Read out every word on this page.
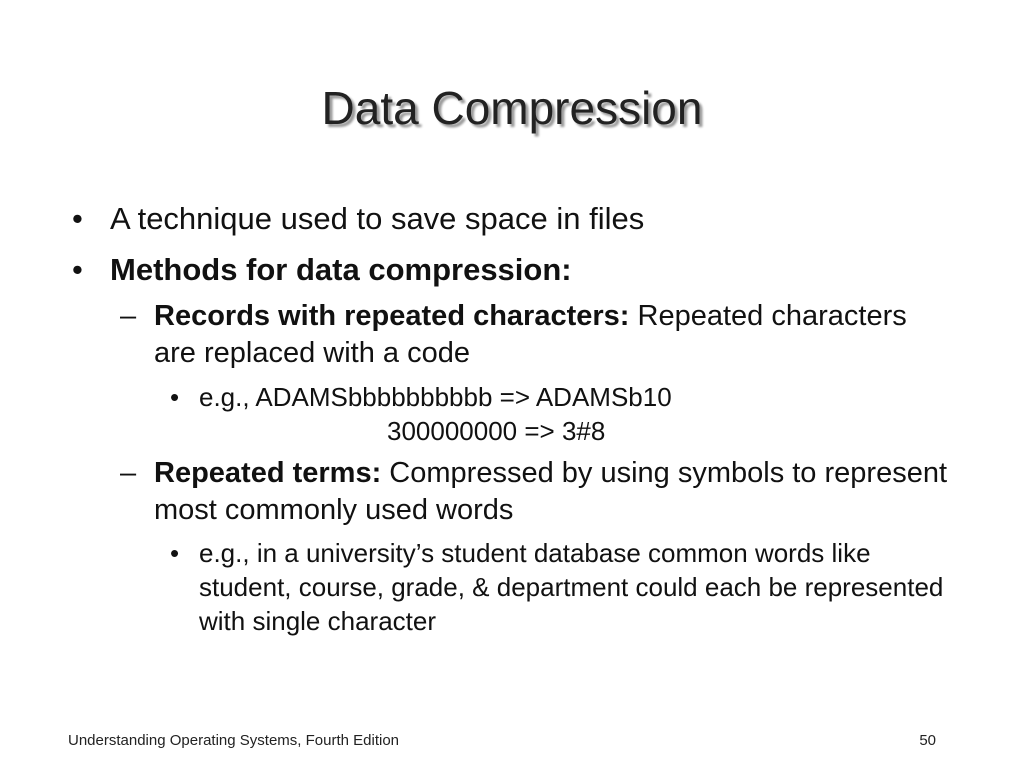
Data Compression
• A technique used to save space in files
• Methods for data compression:
– Records with repeated characters: Repeated characters are replaced with a code
• e.g., ADAMSbbbbbbbbbb => ADAMSb10
300000000 => 3#8
– Repeated terms: Compressed by using symbols to represent most commonly used words
• e.g., in a university’s student database common words like student, course, grade, & department could each be represented with single character
Understanding Operating Systems, Fourth Edition	50
